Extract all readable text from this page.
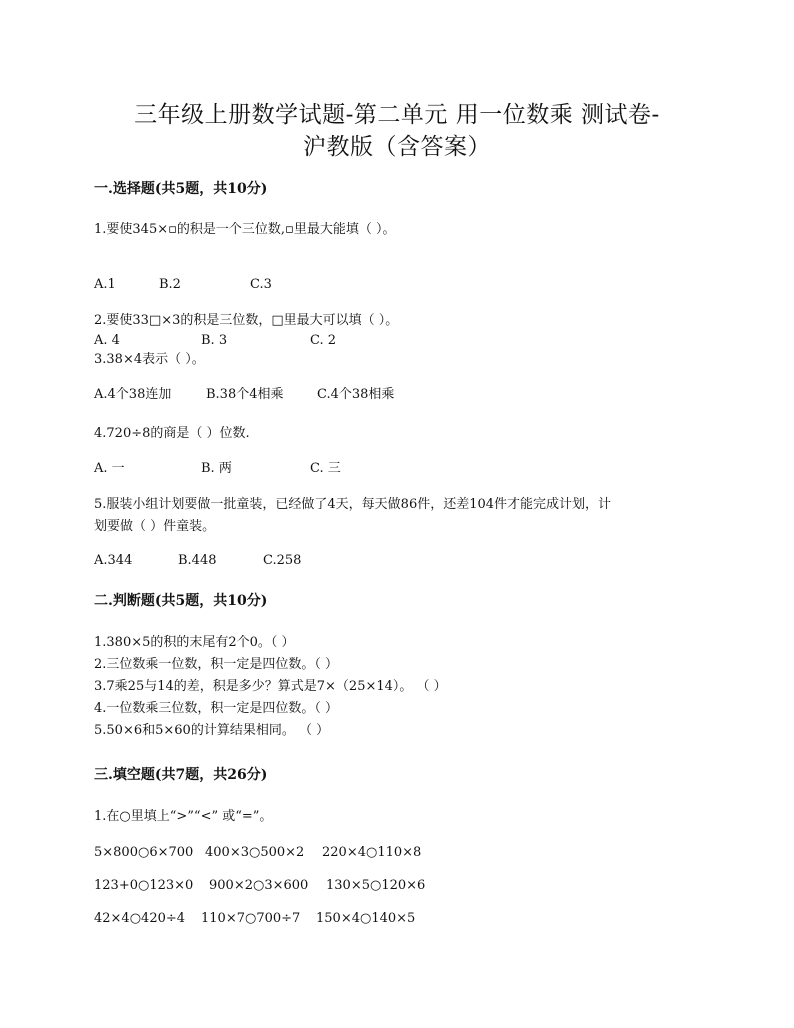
三年级上册数学试题-第二单元 用一位数乘 测试卷-
沪教版（含答案）
一.选择题(共5题，共10分)
1.要使345×▫的积是一个三位数,▫里最大能填（ ）。
A.1	B.2	C.3
2.要使33□×3的积是三位数，□里最大可以填（ ）。
A. 4	B. 3	C. 2
3.38×4表示（ ）。
A.4个38连加	B.38个4相乘	C.4个38相乘
4.720÷8的商是（ ）位数.
A. 一	B. 两	C. 三
5.服装小组计划要做一批童装，已经做了4天，每天做86件，还差104件才能完成计划，计
划要做（ ）件童装。
A.344	B.448	C.258
二.判断题(共5题，共10分)
1.380×5的积的末尾有2个0。（ ）
2.三位数乘一位数，积一定是四位数。（ ）
3.7乘25与14的差，积是多少？算式是7×（25×14）。 （ ）
4.一位数乘三位数，积一定是四位数。（ ）
5.50×6和5×60的计算结果相同。 （ ）
三.填空题(共7题，共26分)
1.在○里填上“>”“<” 或“=”。
5×800○6×700 400×3○500×2 220×4○110×8
123+0○123×0 900×2○3×600 130×5○120×6
42×4○420÷4 110×7○700÷7 150×4○140×5
